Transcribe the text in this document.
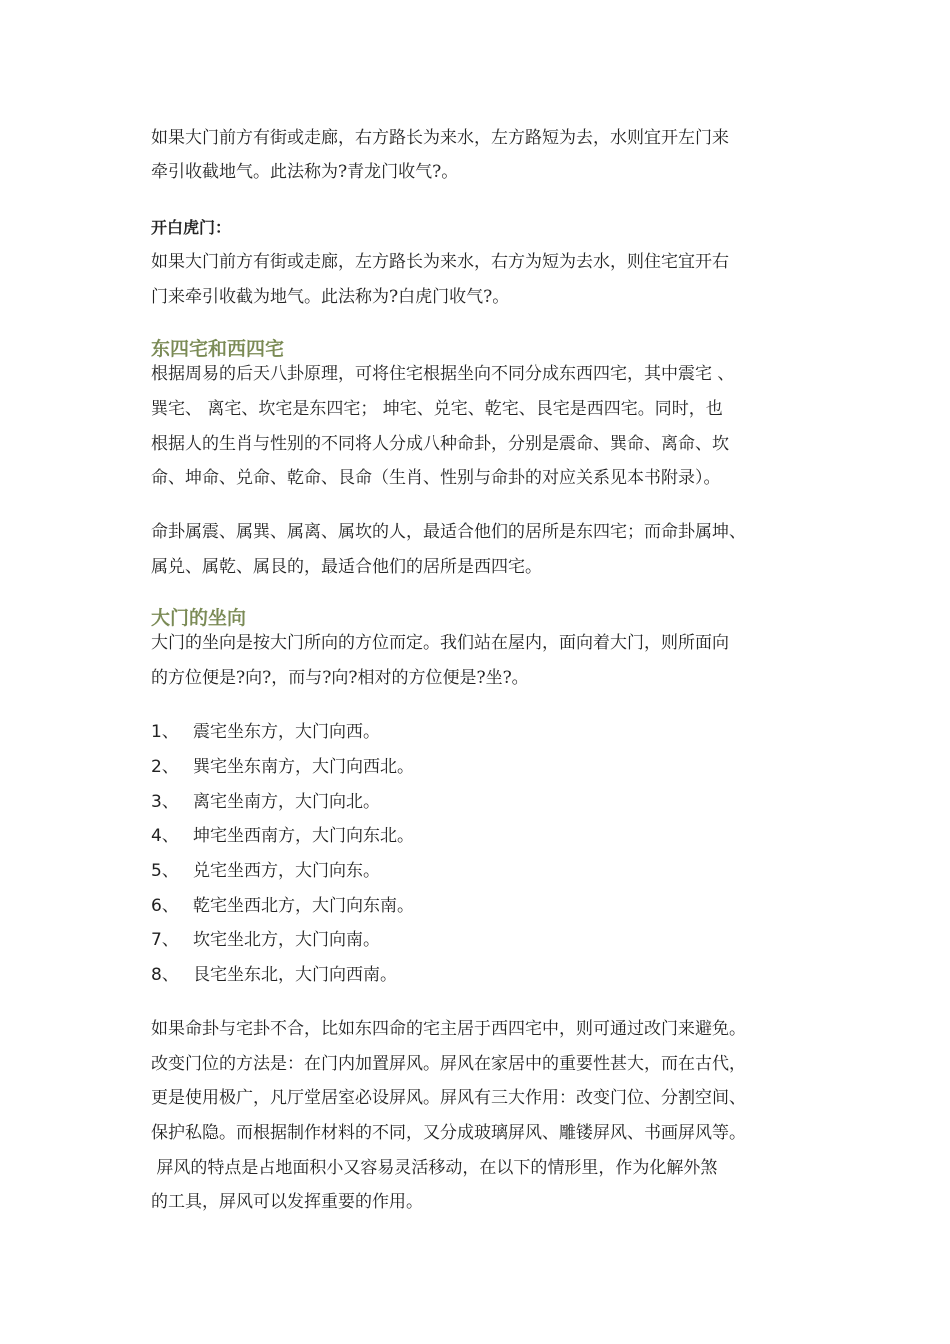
如果大门前方有街或走廊，右方路长为来水，左方路短为去，水则宜开左门来
牵引收截地气。此法称为?青龙门收气?。
开白虎门：
如果大门前方有街或走廊，左方路长为来水，右方为短为去水，则住宅宜开右
门来牵引收截为地气。此法称为?白虎门收气?。
东四宅和西四宅
根据周易的后天八卦原理，可将住宅根据坐向不同分成东西四宅，其中震宅 、
巽宅、 离宅、坎宅是东四宅； 坤宅、兑宅、乾宅、艮宅是西四宅。同时，也
根据人的生肖与性别的不同将人分成八种命卦，分别是震命、巽命、离命、坎
命、坤命、兑命、乾命、艮命（生肖、性别与命卦的对应关系见本书附录）。
命卦属震、属巽、属离、属坎的人，最适合他们的居所是东四宅；而命卦属坤、
属兑、属乾、属艮的，最适合他们的居所是西四宅。
大门的坐向
大门的坐向是按大门所向的方位而定。我们站在屋内，面向着大门，则所面向
的方位便是?向?，而与?向?相对的方位便是?坐?。
1、 震宅坐东方，大门向西。
2、 巽宅坐东南方，大门向西北。
3、 离宅坐南方，大门向北。
4、 坤宅坐西南方，大门向东北。
5、 兑宅坐西方，大门向东。
6、 乾宅坐西北方，大门向东南。
7、 坎宅坐北方，大门向南。
8、 艮宅坐东北，大门向西南。
如果命卦与宅卦不合，比如东四命的宅主居于西四宅中，则可通过改门来避免。
改变门位的方法是：在门内加置屏风。屏风在家居中的重要性甚大，而在古代，
更是使用极广，凡厅堂居室必设屏风。屏风有三大作用：改变门位、分割空间、
保护私隐。而根据制作材料的不同，又分成玻璃屏风、雕镂屏风、书画屏风等。
屏风的特点是占地面积小又容易灵活移动，在以下的情形里，作为化解外煞
的工具，屏风可以发挥重要的作用。
